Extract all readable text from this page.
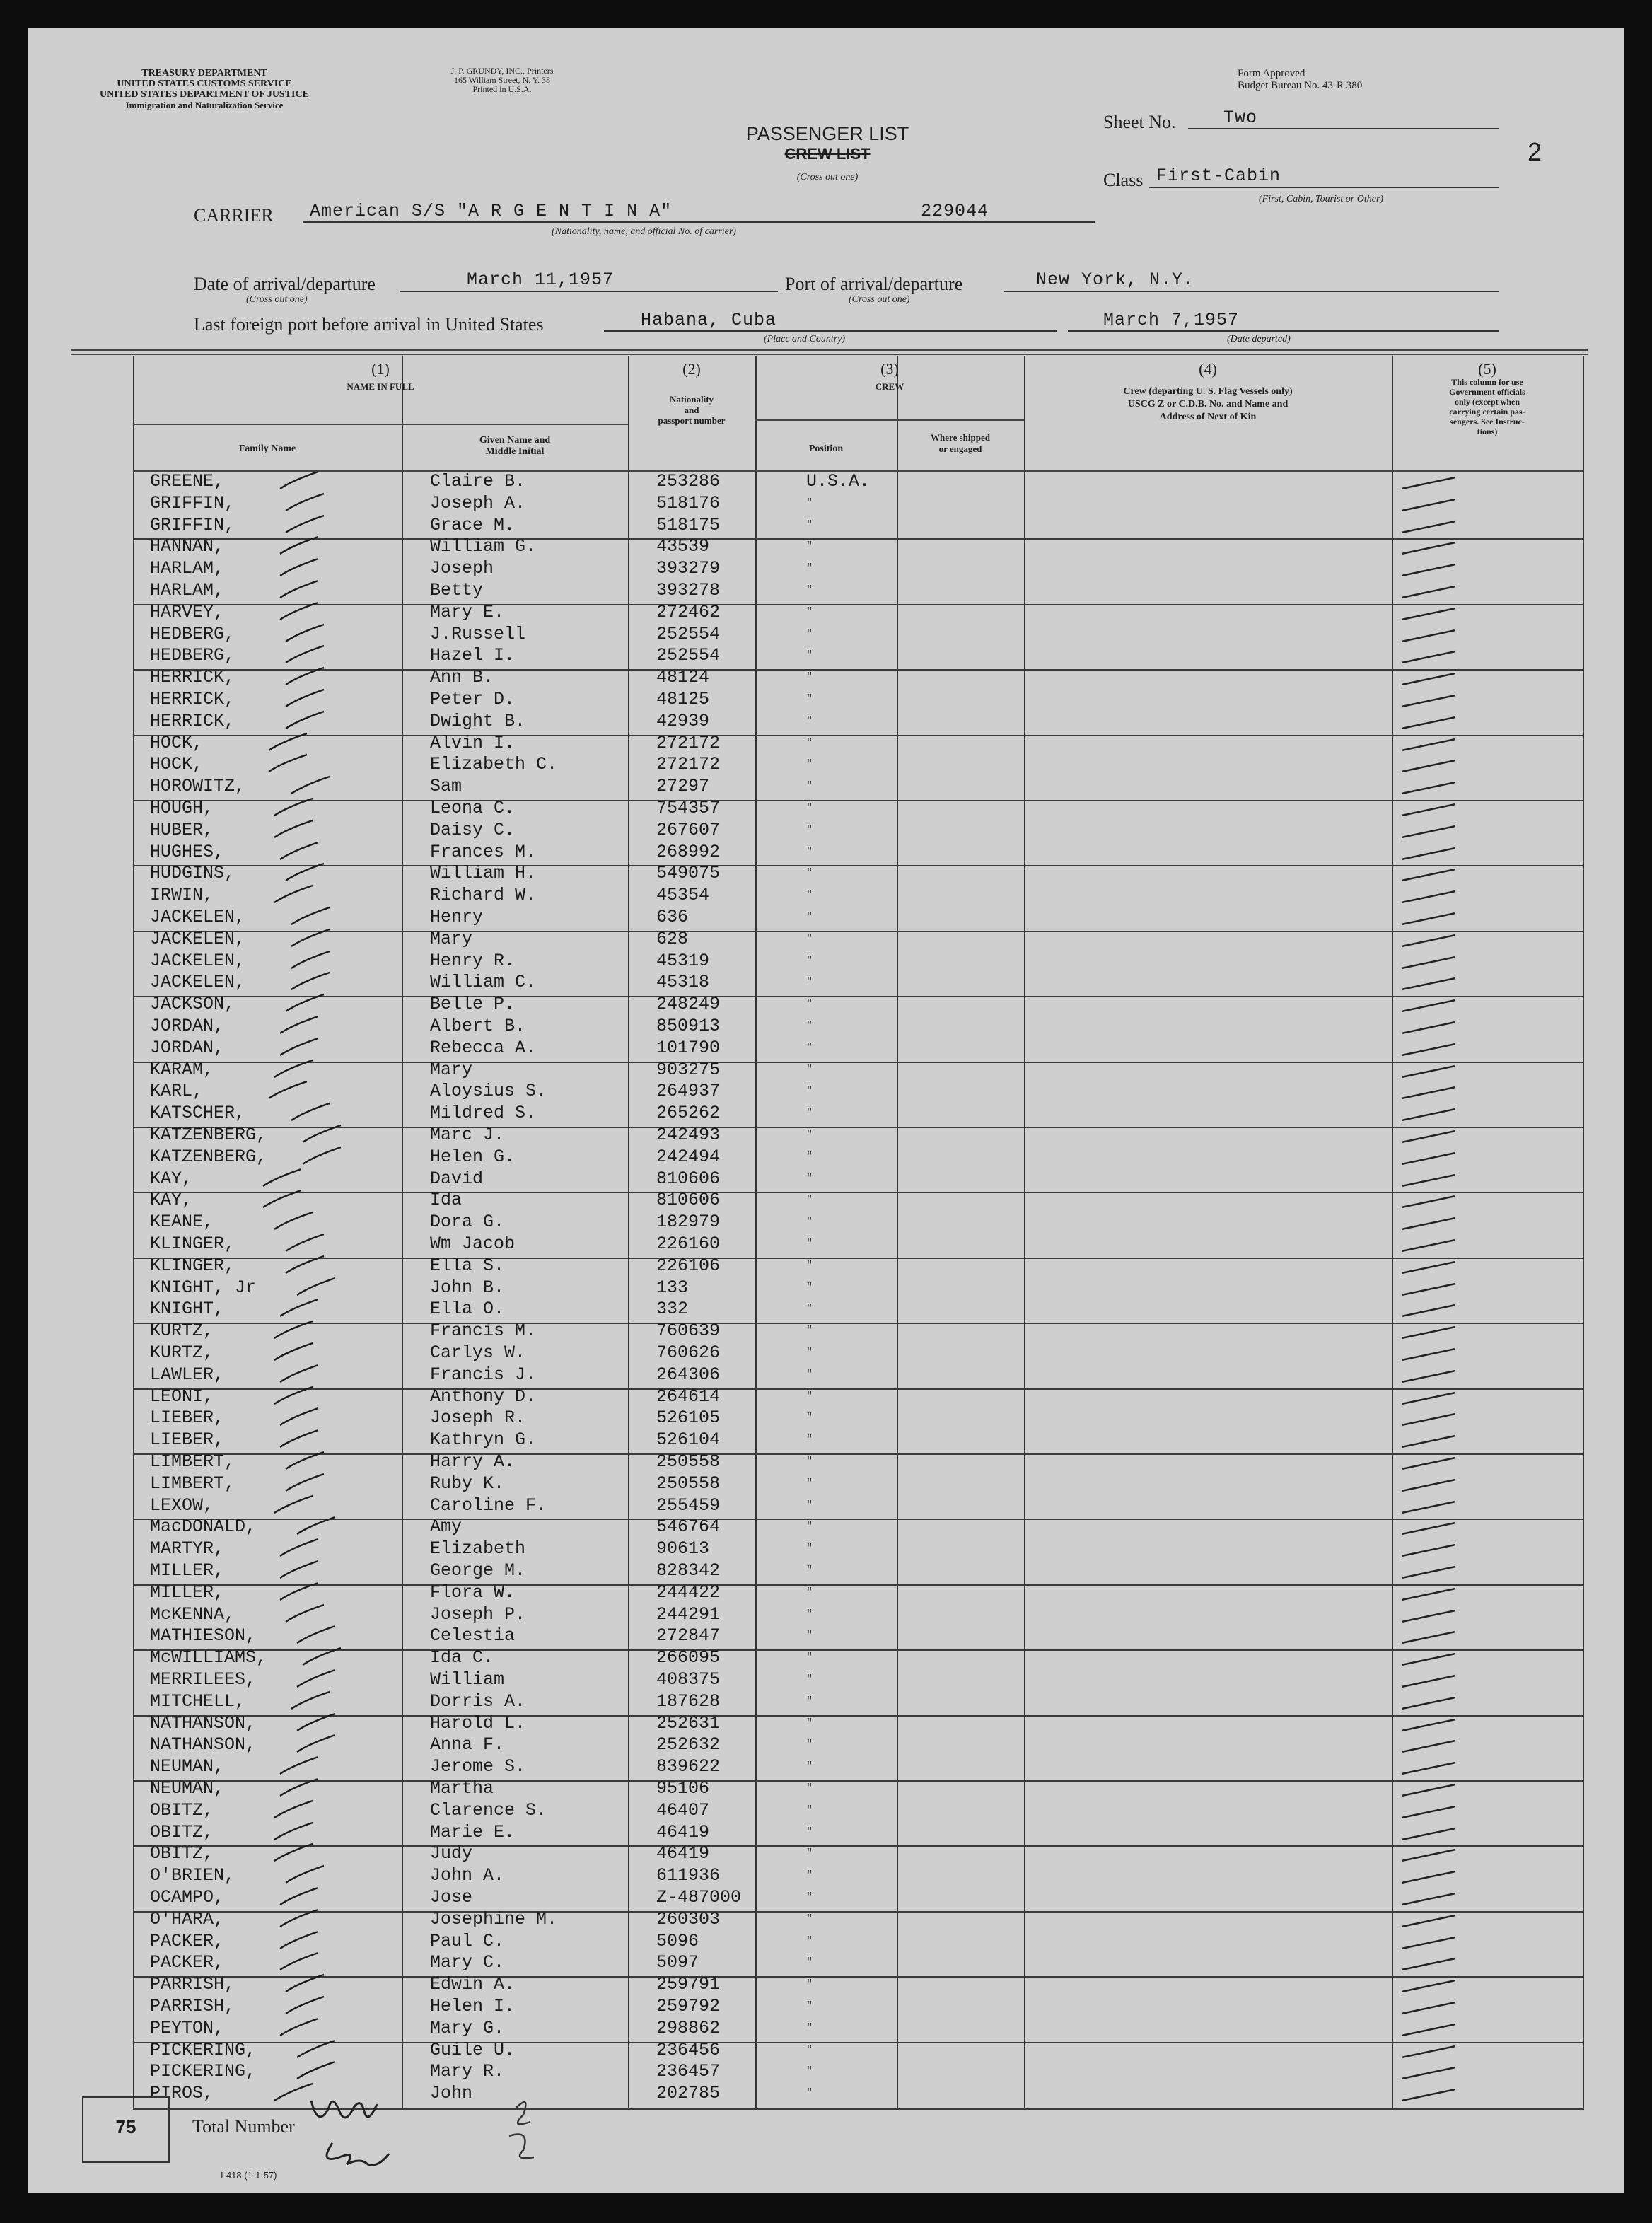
TREASURY DEPARTMENT
UNITED STATES CUSTOMS SERVICE
UNITED STATES DEPARTMENT OF JUSTICE
Immigration and Naturalization Service
J. P. GRUNDY, INC., Printers
165 William Street, N. Y. 38
Printed in U.S.A.
Form Approved
Budget Bureau No. 43-R 380
PASSENGER LIST
CREW LIST
(Cross out one)
Sheet No.	Two
2
Class First-Cabin
(First, Cabin, Tourist or Other)
CARRIER American S/S "A R G E N T I N A"	229044
(Nationality, name, and official No. of carrier)
Date of arrival/departure	March 11,1957
(Cross out one)
Port of arrival/departure	New York, N.Y.
(Cross out one)
Last foreign port before arrival in United States	Habana, Cuba
(Place and Country)
March 7,1957
(Date departed)
(1)
NAME IN FULL
Family Name
Given Name and
Middle Initial
(2)
Nationality
and
passport number
(3)
CREW
Position
Where shipped
or engaged
(4)
Crew (departing U. S. Flag Vessels only)
USCG Z or C.D.B. No. and Name and
Address of Next of Kin
(5)
This column for use
Government officials
only (except when
carrying certain pas-
sengers. See Instruc-
tions)
GREENE,	Claire B.	253286	U.S.A.
GRIFFIN,	Joseph A.	518176	"
GRIFFIN,	Grace M.	518175	"
HANNAN,	William G.	43539	"
HARLAM,	Joseph	393279	"
HARLAM,	Betty	393278	"
HARVEY,	Mary E.	272462	"
HEDBERG,	J.Russell	252554	"
HEDBERG,	Hazel I.	252554	"
HERRICK,	Ann B.	48124	"
HERRICK,	Peter D.	48125	"
HERRICK,	Dwight B.	42939	"
HOCK,	Alvin I.	272172	"
HOCK,	Elizabeth C.	272172	"
HOROWITZ,	Sam	27297	"
HOUGH,	Leona C.	754357	"
HUBER,	Daisy C.	267607	"
HUGHES,	Frances M.	268992	"
HUDGINS,	William H.	549075	"
IRWIN,	Richard W.	45354	"
JACKELEN,	Henry	636	"
JACKELEN,	Mary	628	"
JACKELEN,	Henry R.	45319	"
JACKELEN,	William C.	45318	"
JACKSON,	Belle P.	248249	"
JORDAN,	Albert B.	850913	"
JORDAN,	Rebecca A.	101790	"
KARAM,	Mary	903275	"
KARL,	Aloysius S.	264937	"
KATSCHER,	Mildred S.	265262	"
KATZENBERG,	Marc J.	242493	"
KATZENBERG,	Helen G.	242494	"
KAY,	David	810606	"
KAY,	Ida	810606	"
KEANE,	Dora G.	182979	"
KLINGER,	Wm Jacob	226160	"
KLINGER,	Ella S.	226106	"
KNIGHT, Jr	John B.	133	"
KNIGHT,	Ella O.	332	"
KURTZ,	Francis M.	760639	"
KURTZ,	Carlys W.	760626	"
LAWLER,	Francis J.	264306	"
LEONI,	Anthony D.	264614	"
LIEBER,	Joseph R.	526105	"
LIEBER,	Kathryn G.	526104	"
LIMBERT,	Harry A.	250558	"
LIMBERT,	Ruby K.	250558	"
LEXOW,	Caroline F.	255459	"
MacDONALD,	Amy	546764	"
MARTYR,	Elizabeth	90613	"
MILLER,	George M.	828342	"
MILLER,	Flora W.	244422	"
McKENNA,	Joseph P.	244291	"
MATHIESON,	Celestia	272847	"
McWILLIAMS,	Ida C.	266095	"
MERRILEES,	William	408375	"
MITCHELL,	Dorris A.	187628	"
NATHANSON,	Harold L.	252631	"
NATHANSON,	Anna F.	252632	"
NEUMAN,	Jerome S.	839622	"
NEUMAN,	Martha	95106	"
OBITZ,	Clarence S.	46407	"
OBITZ,	Marie E.	46419	"
OBITZ,	Judy	46419	"
O'BRIEN,	John A.	611936	"
OCAMPO,	Jose	Z-487000	"
O'HARA,	Josephine M.	260303	"
PACKER,	Paul C.	5096	"
PACKER,	Mary C.	5097	"
PARRISH,	Edwin A.	259791	"
PARRISH,	Helen I.	259792	"
PEYTON,	Mary G.	298862	"
PICKERING,	Guile U.	236456	"
PICKERING,	Mary R.	236457	"
PIROS,	John	202785	"
75	Total Number
I-418 (1-1-57)
